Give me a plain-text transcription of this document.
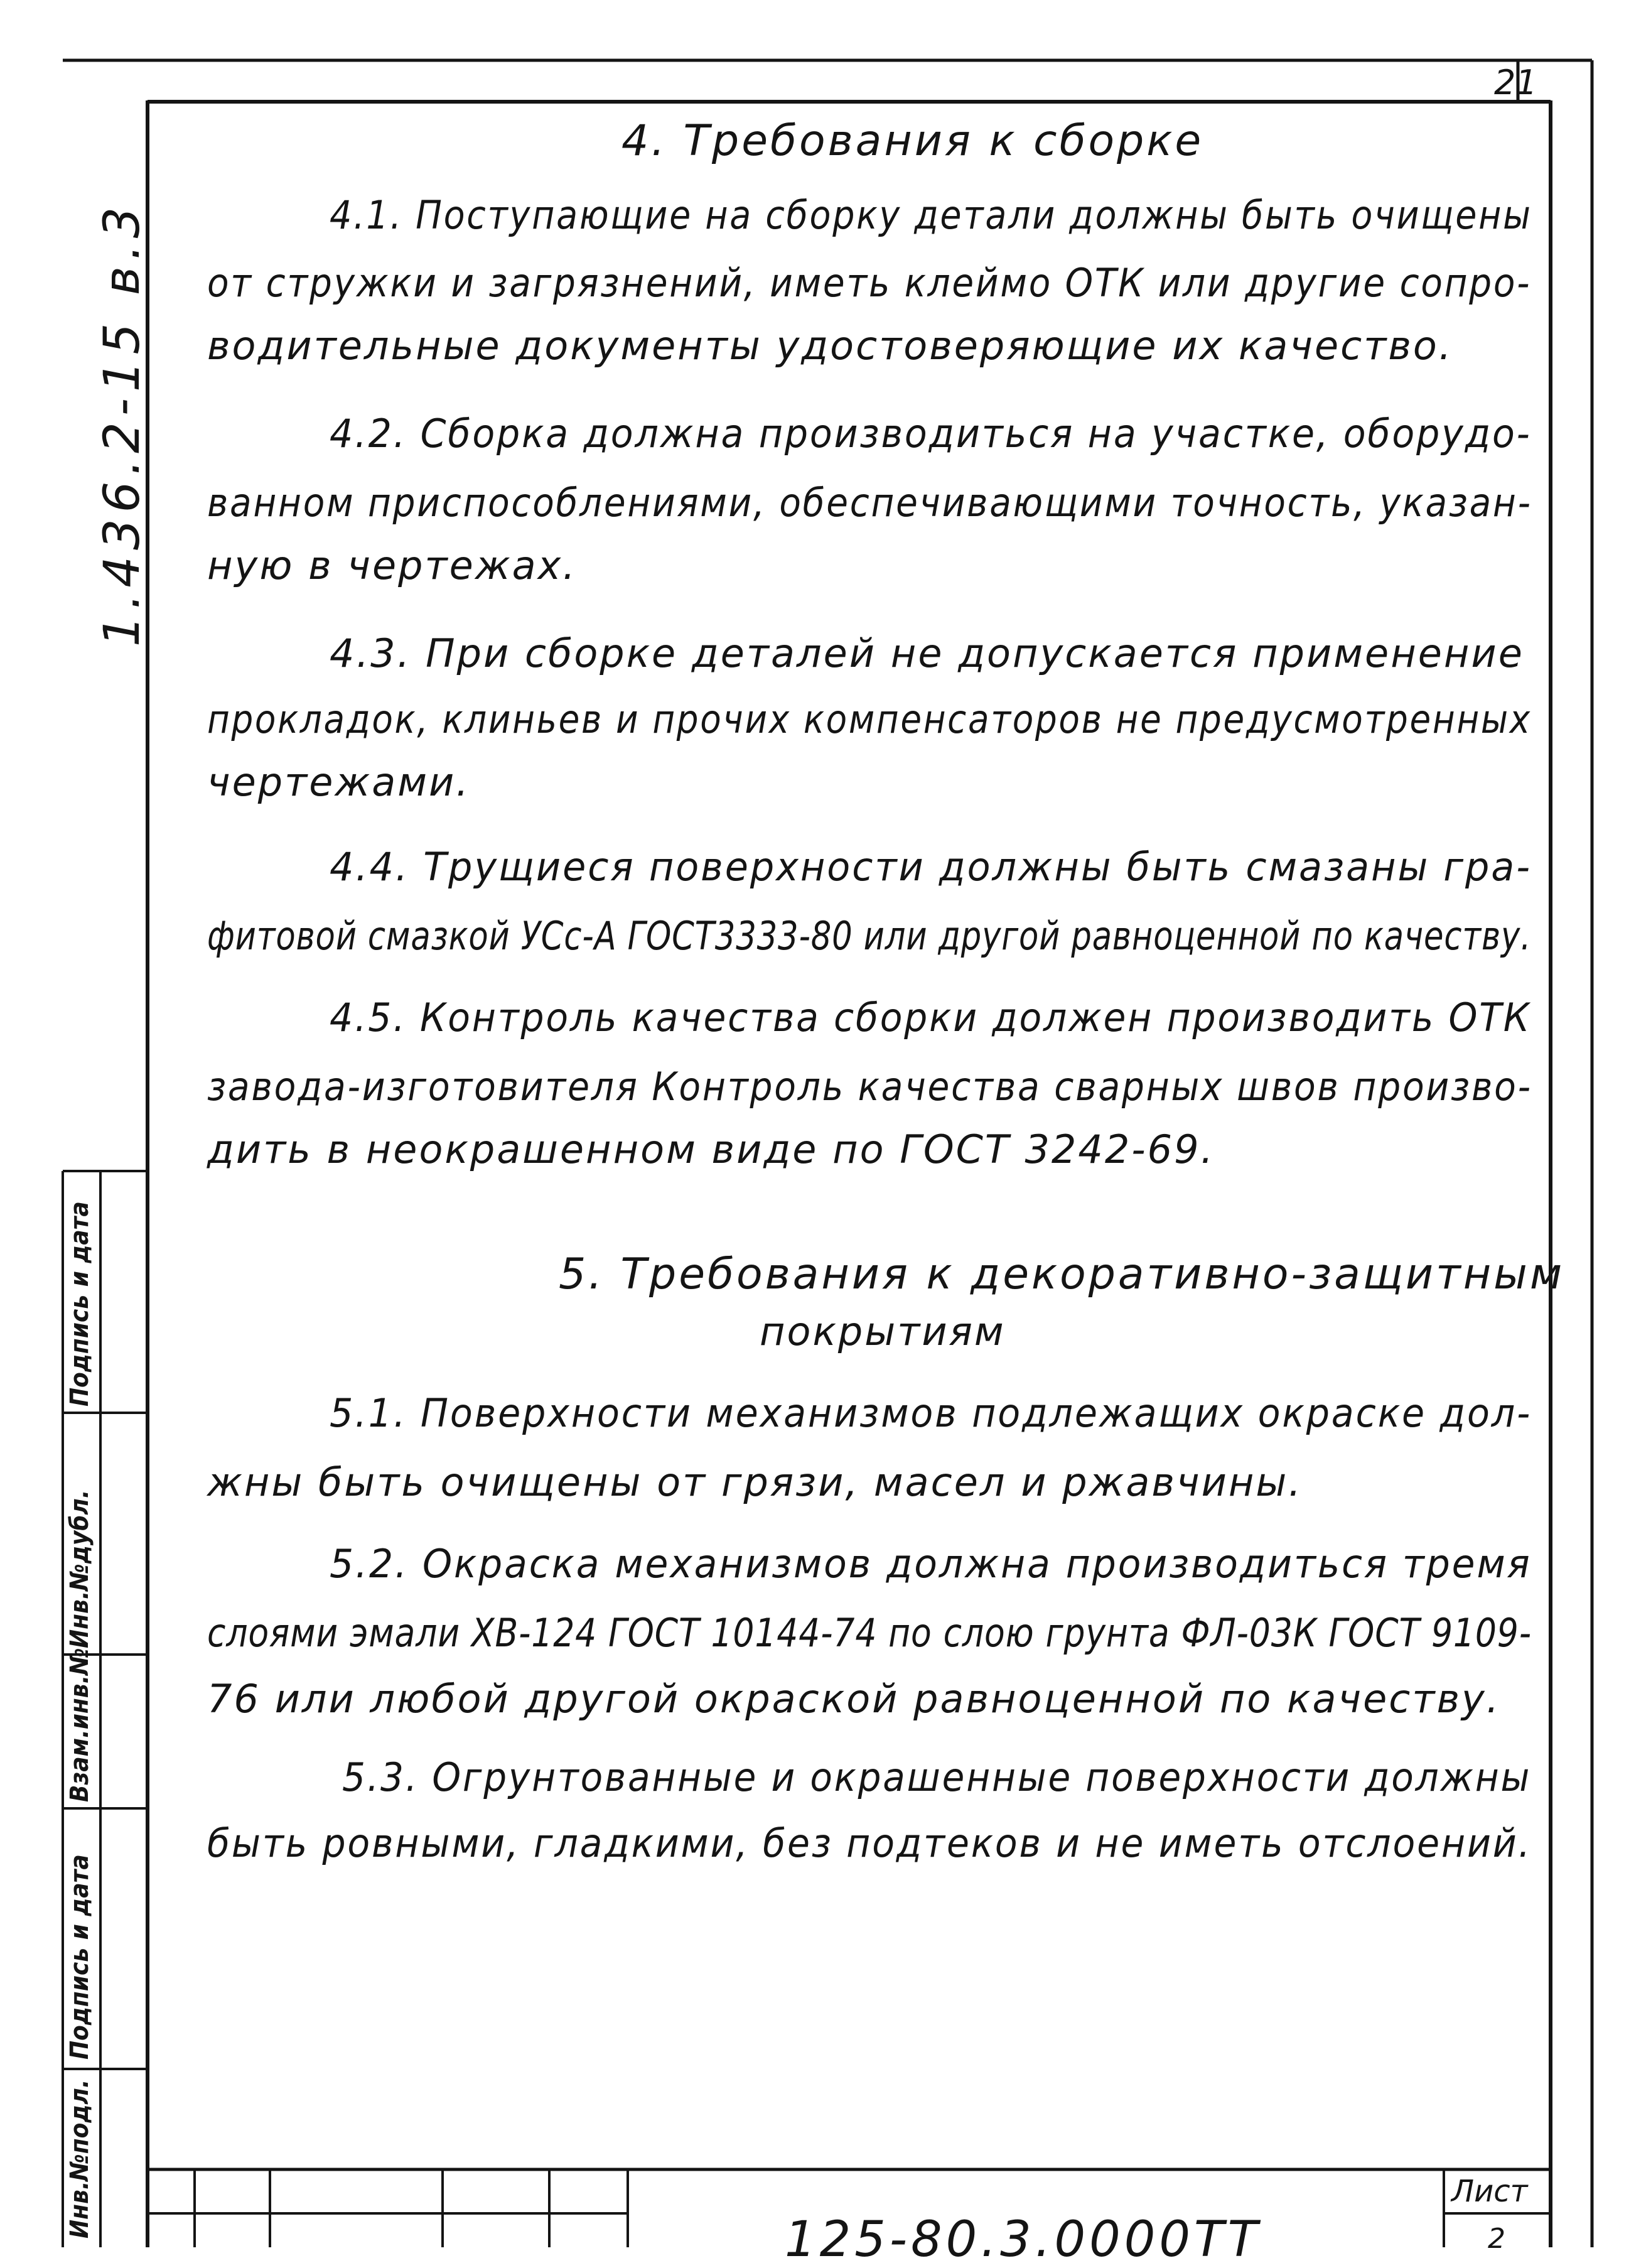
21
1.436.2-15 в.3
Инв.№подл.
Подпись и дата
Взам.инв.№
Инв.№дубл.
Подпись и дата
4. Требования к сборке
4.1. Поступающие на сборку детали должны быть очищены
от стружки и загрязнений, иметь клеймо ОТК или другие сопро-
водительные документы удостоверяющие их качество.
4.2. Сборка должна производиться на участке, оборудо-
ванном приспособлениями, обеспечивающими точность, указан-
ную в чертежах.
4.3. При сборке деталей не допускается применение
прокладок, клиньев и прочих компенсаторов не предусмотренных
чертежами.
4.4. Трущиеся поверхности должны быть смазаны гра-
фитовой смазкой УСс-А ГОСТ3333-80 или другой равноценной по качеству.
4.5. Контроль качества сборки должен производить ОТК
завода-изготовителя Контроль качества сварных швов произво-
дить в неокрашенном виде по ГОСТ 3242-69.
5. Требования к декоративно-защитным
покрытиям
5.1. Поверхности механизмов подлежащих окраске дол-
жны быть очищены от грязи, масел и ржавчины.
5.2. Окраска механизмов должна производиться тремя
слоями эмали ХВ-124 ГОСТ 10144-74 по слою грунта ФЛ-03К ГОСТ 9109-
76 или любой другой окраской равноценной по качеству.
5.3. Огрунтованные и окрашенные поверхности должны
быть ровными, гладкими, без подтеков и не иметь отслоений.
Лист
2
125-80.3.0000ТТ
